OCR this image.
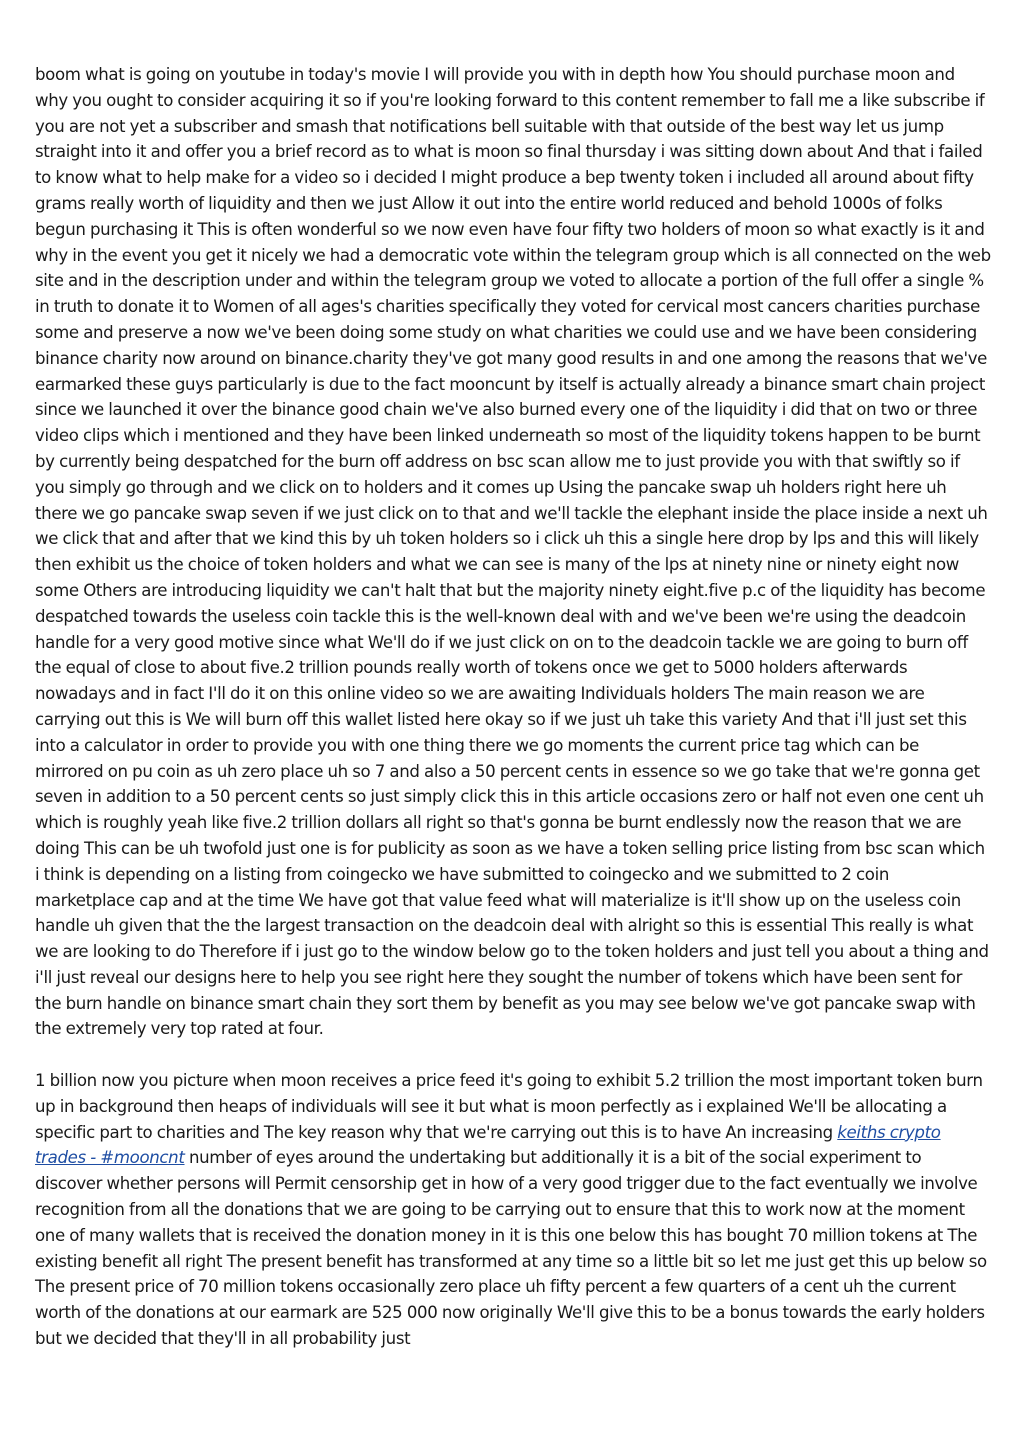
boom what is going on youtube in today's movie I will provide you with in depth how You should purchase moon and why you ought to consider acquiring it so if you're looking forward to this content remember to fall me a like subscribe if you are not yet a subscriber and smash that notifications bell suitable with that outside of the best way let us jump straight into it and offer you a brief record as to what is moon so final thursday i was sitting down about And that i failed to know what to help make for a video so i decided I might produce a bep twenty token i included all around about fifty grams really worth of liquidity and then we just Allow it out into the entire world reduced and behold 1000s of folks begun purchasing it This is often wonderful so we now even have four fifty two holders of moon so what exactly is it and why in the event you get it nicely we had a democratic vote within the telegram group which is all connected on the web site and in the description under and within the telegram group we voted to allocate a portion of the full offer a single % in truth to donate it to Women of all ages's charities specifically they voted for cervical most cancers charities purchase some and preserve a now we've been doing some study on what charities we could use and we have been considering binance charity now around on binance.charity they've got many good results in and one among the reasons that we've earmarked these guys particularly is due to the fact mooncunt by itself is actually already a binance smart chain project since we launched it over the binance good chain we've also burned every one of the liquidity i did that on two or three video clips which i mentioned and they have been linked underneath so most of the liquidity tokens happen to be burnt by currently being despatched for the burn off address on bsc scan allow me to just provide you with that swiftly so if you simply go through and we click on to holders and it comes up Using the pancake swap uh holders right here uh there we go pancake swap seven if we just click on to that and we'll tackle the elephant inside the place inside a next uh we click that and after that we kind this by uh token holders so i click uh this a single here drop by lps and this will likely then exhibit us the choice of token holders and what we can see is many of the lps at ninety nine or ninety eight now some Others are introducing liquidity we can't halt that but the majority ninety eight.five p.c of the liquidity has become despatched towards the useless coin tackle this is the well-known deal with and we've been we're using the deadcoin handle for a very good motive since what We'll do if we just click on on to the deadcoin tackle we are going to burn off the equal of close to about five.2 trillion pounds really worth of tokens once we get to 5000 holders afterwards nowadays and in fact I'll do it on this online video so we are awaiting Individuals holders The main reason we are carrying out this is We will burn off this wallet listed here okay so if we just uh take this variety And that i'll just set this into a calculator in order to provide you with one thing there we go moments the current price tag which can be mirrored on pu coin as uh zero place uh so 7 and also a 50 percent cents in essence so we go take that we're gonna get seven in addition to a 50 percent cents so just simply click this in this article occasions zero or half not even one cent uh which is roughly yeah like five.2 trillion dollars all right so that's gonna be burnt endlessly now the reason that we are doing This can be uh twofold just one is for publicity as soon as we have a token selling price listing from bsc scan which i think is depending on a listing from coingecko we have submitted to coingecko and we submitted to 2 coin marketplace cap and at the time We have got that value feed what will materialize is it'll show up on the useless coin handle uh given that the the largest transaction on the deadcoin deal with alright so this is essential This really is what we are looking to do Therefore if i just go to the window below go to the token holders and just tell you about a thing and i'll just reveal our designs here to help you see right here they sought the number of tokens which have been sent for the burn handle on binance smart chain they sort them by benefit as you may see below we've got pancake swap with the extremely very top rated at four.

1 billion now you picture when moon receives a price feed it's going to exhibit 5.2 trillion the most important token burn up in background then heaps of individuals will see it but what is moon perfectly as i explained We'll be allocating a specific part to charities and The key reason why that we're carrying out this is to have An increasing keiths crypto trades - #mooncnt number of eyes around the undertaking but additionally it is a bit of the social experiment to discover whether persons will Permit censorship get in how of a very good trigger due to the fact eventually we involve recognition from all the donations that we are going to be carrying out to ensure that this to work now at the moment one of many wallets that is received the donation money in it is this one below this has bought 70 million tokens at The existing benefit all right The present benefit has transformed at any time so a little bit so let me just get this up below so The present price of 70 million tokens occasionally zero place uh fifty percent a few quarters of a cent uh the current worth of the donations at our earmark are 525 000 now originally We'll give this to be a bonus towards the early holders but we decided that they'll in all probability just
